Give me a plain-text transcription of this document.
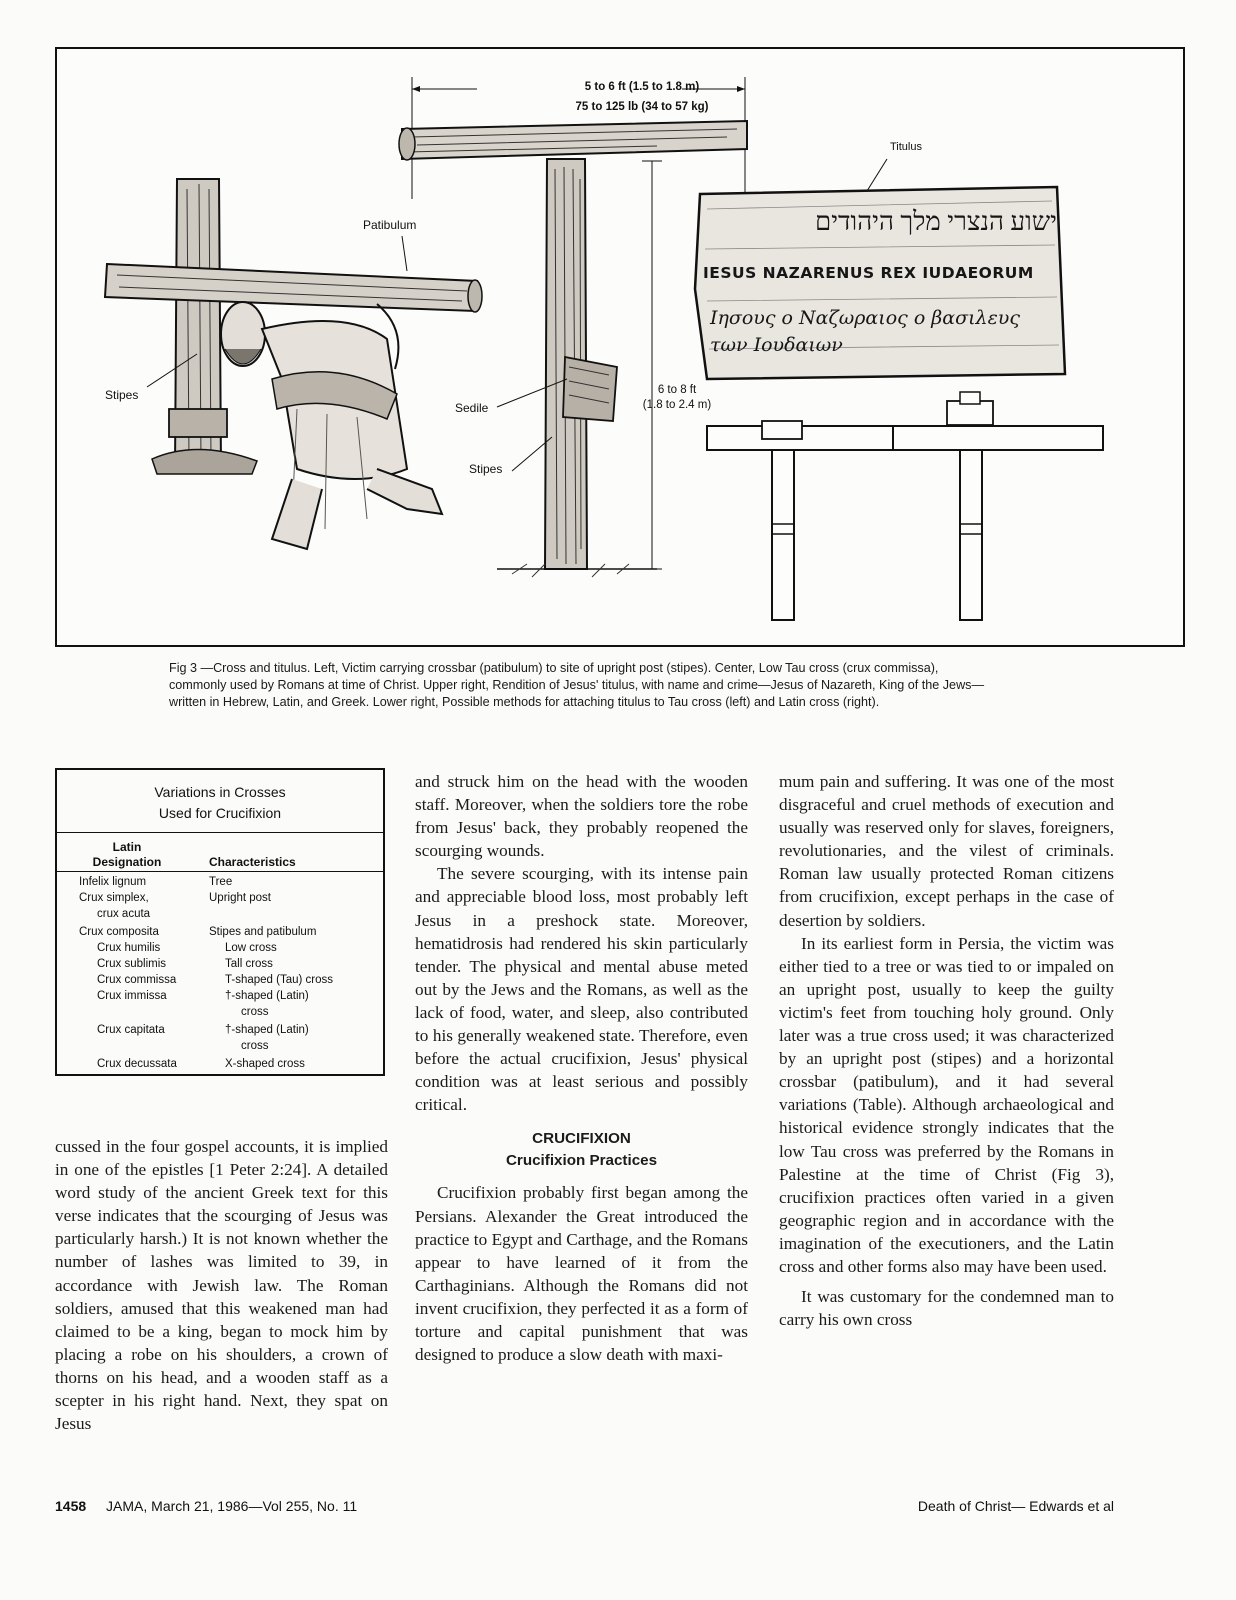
5 to 6 ft (1.5 to 1.8 m)
75 to 125 lb (34 to 57 kg)
Titulus
Patibulum
Stipes
Sedile
Stipes
6 to 8 ft
(1.8 to 2.4 m)
ישוע הנצרי מלך היהודים
IESUS NAZARENUS REX IUDAEORUM
Ιησους ο Ναζωραιος ο βασιλευς
των Ιουδαιων
Fig 3 —Cross and titulus. Left, Victim carrying crossbar (patibulum) to site of upright post (stipes). Center, Low Tau cross (crux commissa), commonly used by Romans at time of Christ. Upper right, Rendition of Jesus' titulus, with name and crime—Jesus of Nazareth, King of the Jews—written in Hebrew, Latin, and Greek. Lower right, Possible methods for attaching titulus to Tau cross (left) and Latin cross (right).
Variations in Crosses
Used for Crucifixion
Latin
Designation	Characteristics
Infelix lignum	Tree
Crux simplex,	Upright post
crux acuta
Crux composita	Stipes and patibulum
Crux humilis	Low cross
Crux sublimis	Tall cross
Crux commissa	T-shaped (Tau) cross
Crux immissa	†-shaped (Latin)
cross
Crux capitata	†-shaped (Latin)
cross
Crux decussata	X-shaped cross

cussed in the four gospel accounts, it is implied in one of the epistles [1 Peter 2:24]. A detailed word study of the ancient Greek text for this verse indicates that the scourging of Jesus was particularly harsh.) It is not known whether the number of lashes was limited to 39, in accordance with Jewish law. The Roman soldiers, amused that this weakened man had claimed to be a king, began to mock him by placing a robe on his shoulders, a crown of thorns on his head, and a wooden staff as a scepter in his right hand. Next, they spat on Jesus

and struck him on the head with the wooden staff. Moreover, when the soldiers tore the robe from Jesus' back, they probably reopened the scourging wounds.

The severe scourging, with its intense pain and appreciable blood loss, most probably left Jesus in a preshock state. Moreover, hematidrosis had rendered his skin particularly tender. The physical and mental abuse meted out by the Jews and the Romans, as well as the lack of food, water, and sleep, also contributed to his generally weakened state. Therefore, even before the actual crucifixion, Jesus' physical condition was at least serious and possibly critical.

CRUCIFIXION
Crucifixion Practices

Crucifixion probably first began among the Persians. Alexander the Great introduced the practice to Egypt and Carthage, and the Romans appear to have learned of it from the Carthaginians. Although the Romans did not invent crucifixion, they perfected it as a form of torture and capital punishment that was designed to produce a slow death with maxi-

mum pain and suffering. It was one of the most disgraceful and cruel methods of execution and usually was reserved only for slaves, foreigners, revolutionaries, and the vilest of criminals. Roman law usually protected Roman citizens from crucifixion, except perhaps in the case of desertion by soldiers.

In its earliest form in Persia, the victim was either tied to a tree or was tied to or impaled on an upright post, usually to keep the guilty victim's feet from touching holy ground. Only later was a true cross used; it was characterized by an upright post (stipes) and a horizontal crossbar (patibulum), and it had several variations (Table). Although archaeological and historical evidence strongly indicates that the low Tau cross was preferred by the Romans in Palestine at the time of Christ (Fig 3), crucifixion practices often varied in a given geographic region and in accordance with the imagination of the executioners, and the Latin cross and other forms also may have been used.

It was customary for the condemned man to carry his own cross

1458 JAMA, March 21, 1986—Vol 255, No. 11	Death of Christ— Edwards et al
